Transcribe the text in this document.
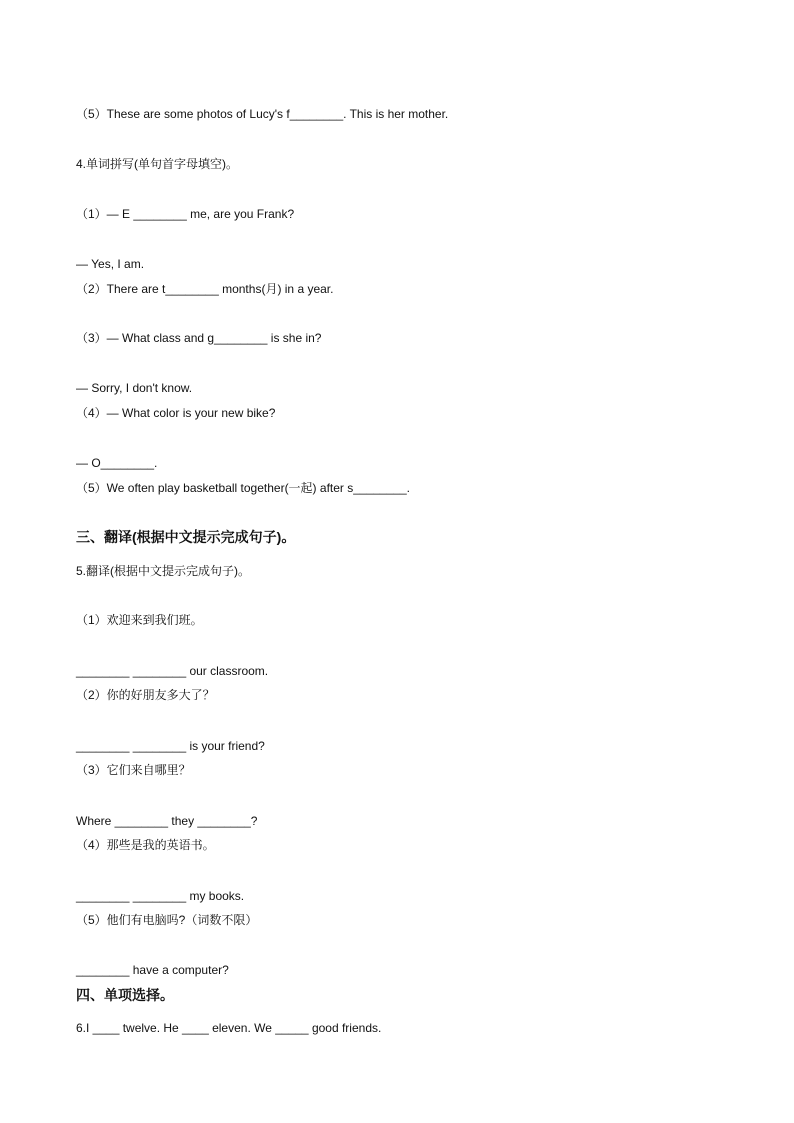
（5）These are some photos of Lucy's f________. This is her mother.
4.单词拼写(单句首字母填空)。
（1）— E ________ me, are you Frank?
— Yes, I am.
（2）There are t________ months(月) in a year.
（3）— What class and g________ is she in?
— Sorry, I don't know.
（4）— What color is your new bike?
— O________.
（5）We often play basketball together(一起) after s________.
三、翻译(根据中文提示完成句子)。
5.翻译(根据中文提示完成句子)。
（1）欢迎来到我们班。
________ ________ our classroom.
（2）你的好朋友多大了？
________ ________ is your friend?
（3）它们来自哪里？
Where ________ they ________?
（4）那些是我的英语书。
________ ________ my books.
（5）他们有电脑吗?（词数不限）
________ have a computer?
四、单项选择。
6.I ____ twelve. He ____ eleven. We _____ good friends.
